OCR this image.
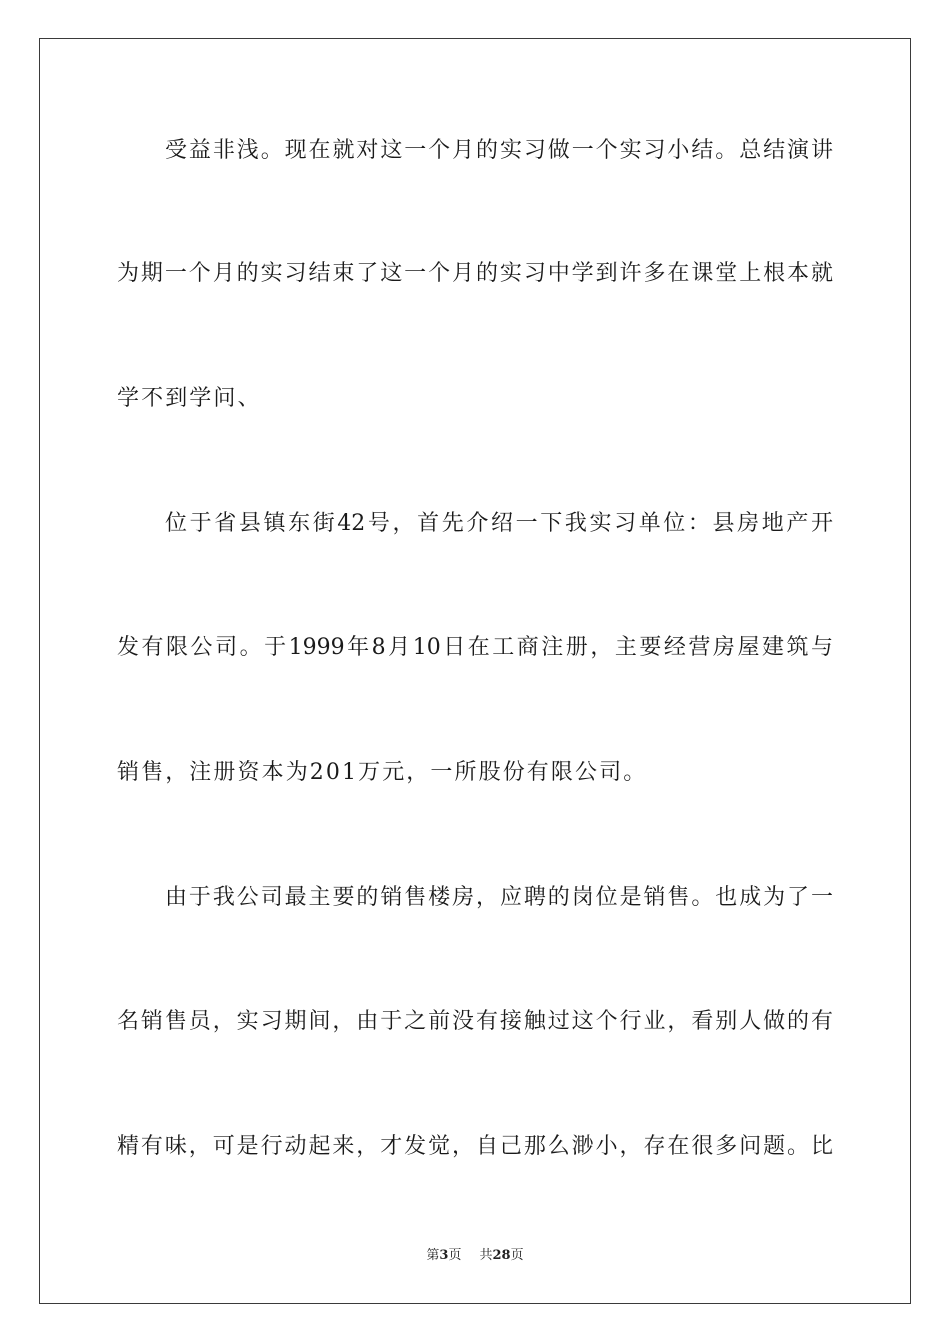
受益非浅。现在就对这一个月的实习做一个实习小结。总结演讲
为期一个月的实习结束了这一个月的实习中学到许多在课堂上根本就
学不到学问、
位于省县镇东街42号，首先介绍一下我实习单位：县房地产开
发有限公司。于1999年8月10日在工商注册，主要经营房屋建筑与
销售，注册资本为201万元，一所股份有限公司。
由于我公司最主要的销售楼房，应聘的岗位是销售。也成为了一
名销售员，实习期间，由于之前没有接触过这个行业，看别人做的有
精有味，可是行动起来，才发觉，自己那么渺小，存在很多问题。比
第3页 共28页
